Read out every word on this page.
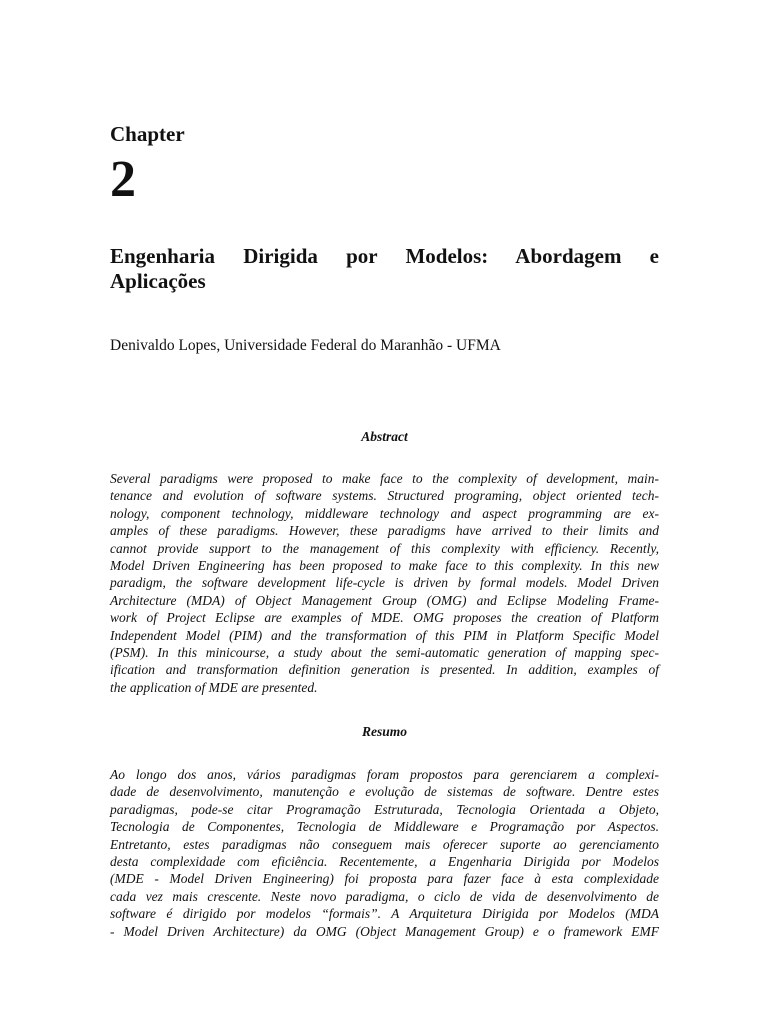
Chapter
2
Engenharia Dirigida por Modelos: Abordagem e
Aplicações
Denivaldo Lopes, Universidade Federal do Maranhão - UFMA
Abstract
Several paradigms were proposed to make face to the complexity of development, main-
tenance and evolution of software systems. Structured programing, object oriented tech-
nology, component technology, middleware technology and aspect programming are ex-
amples of these paradigms. However, these paradigms have arrived to their limits and
cannot provide support to the management of this complexity with efficiency. Recently,
Model Driven Engineering has been proposed to make face to this complexity. In this new
paradigm, the software development life-cycle is driven by formal models. Model Driven
Architecture (MDA) of Object Management Group (OMG) and Eclipse Modeling Frame-
work of Project Eclipse are examples of MDE. OMG proposes the creation of Platform
Independent Model (PIM) and the transformation of this PIM in Platform Specific Model
(PSM). In this minicourse, a study about the semi-automatic generation of mapping spec-
ification and transformation definition generation is presented. In addition, examples of
the application of MDE are presented.
Resumo
Ao longo dos anos, vários paradigmas foram propostos para gerenciarem a complexi-
dade de desenvolvimento, manutenção e evolução de sistemas de software. Dentre estes
paradigmas, pode-se citar Programação Estruturada, Tecnologia Orientada a Objeto,
Tecnologia de Componentes, Tecnologia de Middleware e Programação por Aspectos.
Entretanto, estes paradigmas não conseguem mais oferecer suporte ao gerenciamento
desta complexidade com eficiência. Recentemente, a Engenharia Dirigida por Modelos
(MDE - Model Driven Engineering) foi proposta para fazer face à esta complexidade
cada vez mais crescente. Neste novo paradigma, o ciclo de vida de desenvolvimento de
software é dirigido por modelos “formais”. A Arquitetura Dirigida por Modelos (MDA
- Model Driven Architecture) da OMG (Object Management Group) e o framework EMF
